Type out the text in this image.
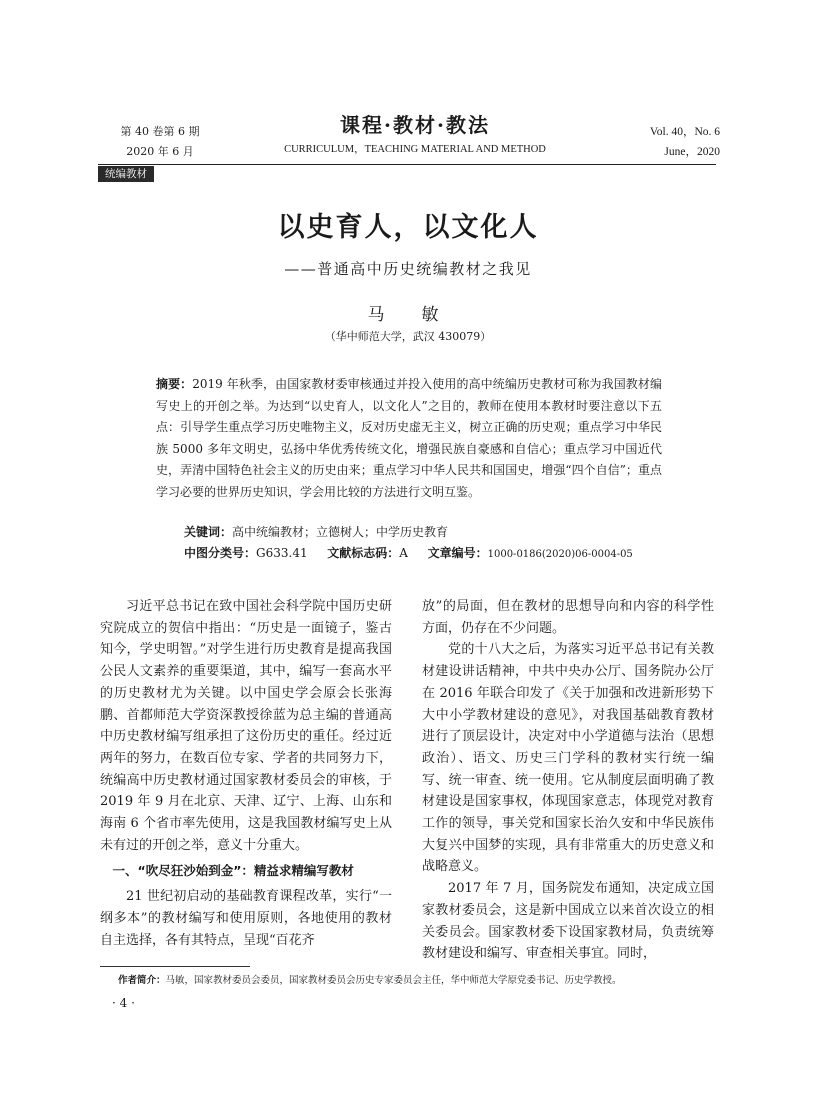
第 40 卷第 6 期
2020 年 6 月
课程·教材·教法
CURRICULUM，TEACHING MATERIAL AND METHOD
Vol. 40，No. 6
June，2020
统编教材
以史育人，以文化人
——普通高中历史统编教材之我见
马　敏
（华中师范大学，武汉 430079）
摘要：2019 年秋季，由国家教材委审核通过并投入使用的高中统编历史教材可称为我国教材编写史上的开创之举。为达到“以史育人，以文化人”之目的，教师在使用本教材时要注意以下五点：引导学生重点学习历史唯物主义，反对历史虚无主义，树立正确的历史观；重点学习中华民族 5000 多年文明史，弘扬中华优秀传统文化，增强民族自豪感和自信心；重点学习中国近代史，弄清中国特色社会主义的历史由来；重点学习中华人民共和国国史，增强“四个自信”；重点学习必要的世界历史知识，学会用比较的方法进行文明互鉴。
关键词：高中统编教材；立德树人；中学历史教育
中图分类号：G633.41 文献标志码：A 文章编号：1000-0186(2020)06-0004-05

习近平总书记在致中国社会科学院中国历史研究院成立的贺信中指出：“历史是一面镜子，鉴古知今，学史明智。”对学生进行历史教育是提高我国公民人文素养的重要渠道，其中，编写一套高水平的历史教材尤为关键。以中国史学会原会长张海鹏、首都师范大学资深教授徐蓝为总主编的普通高中历史教材编写组承担了这份历史的重任。经过近两年的努力，在数百位专家、学者的共同努力下，统编高中历史教材通过国家教材委员会的审核，于 2019 年 9 月在北京、天津、辽宁、上海、山东和海南 6 个省市率先使用，这是我国教材编写史上从未有过的开创之举，意义十分重大。

一、“吹尽狂沙始到金”：精益求精编写教材

21 世纪初启动的基础教育课程改革，实行“一纲多本”的教材编写和使用原则，各地使用的教材自主选择，各有其特点，呈现“百花齐

放”的局面，但在教材的思想导向和内容的科学性方面，仍存在不少问题。

党的十八大之后，为落实习近平总书记有关教材建设讲话精神，中共中央办公厅、国务院办公厅在 2016 年联合印发了《关于加强和改进新形势下大中小学教材建设的意见》，对我国基础教育教材进行了顶层设计，决定对中小学道德与法治（思想政治）、语文、历史三门学科的教材实行统一编写、统一审查、统一使用。它从制度层面明确了教材建设是国家事权，体现国家意志，体现党对教育工作的领导，事关党和国家长治久安和中华民族伟大复兴中国梦的实现，具有非常重大的历史意义和战略意义。

2017 年 7 月，国务院发布通知，决定成立国家教材委员会，这是新中国成立以来首次设立的相关委员会。国家教材委下设国家教材局，负责统筹教材建设和编写、审查相关事宜。同时，

作者简介：马敏，国家教材委员会委员，国家教材委员会历史专家委员会主任，华中师范大学原党委书记、历史学教授。
· 4 ·
